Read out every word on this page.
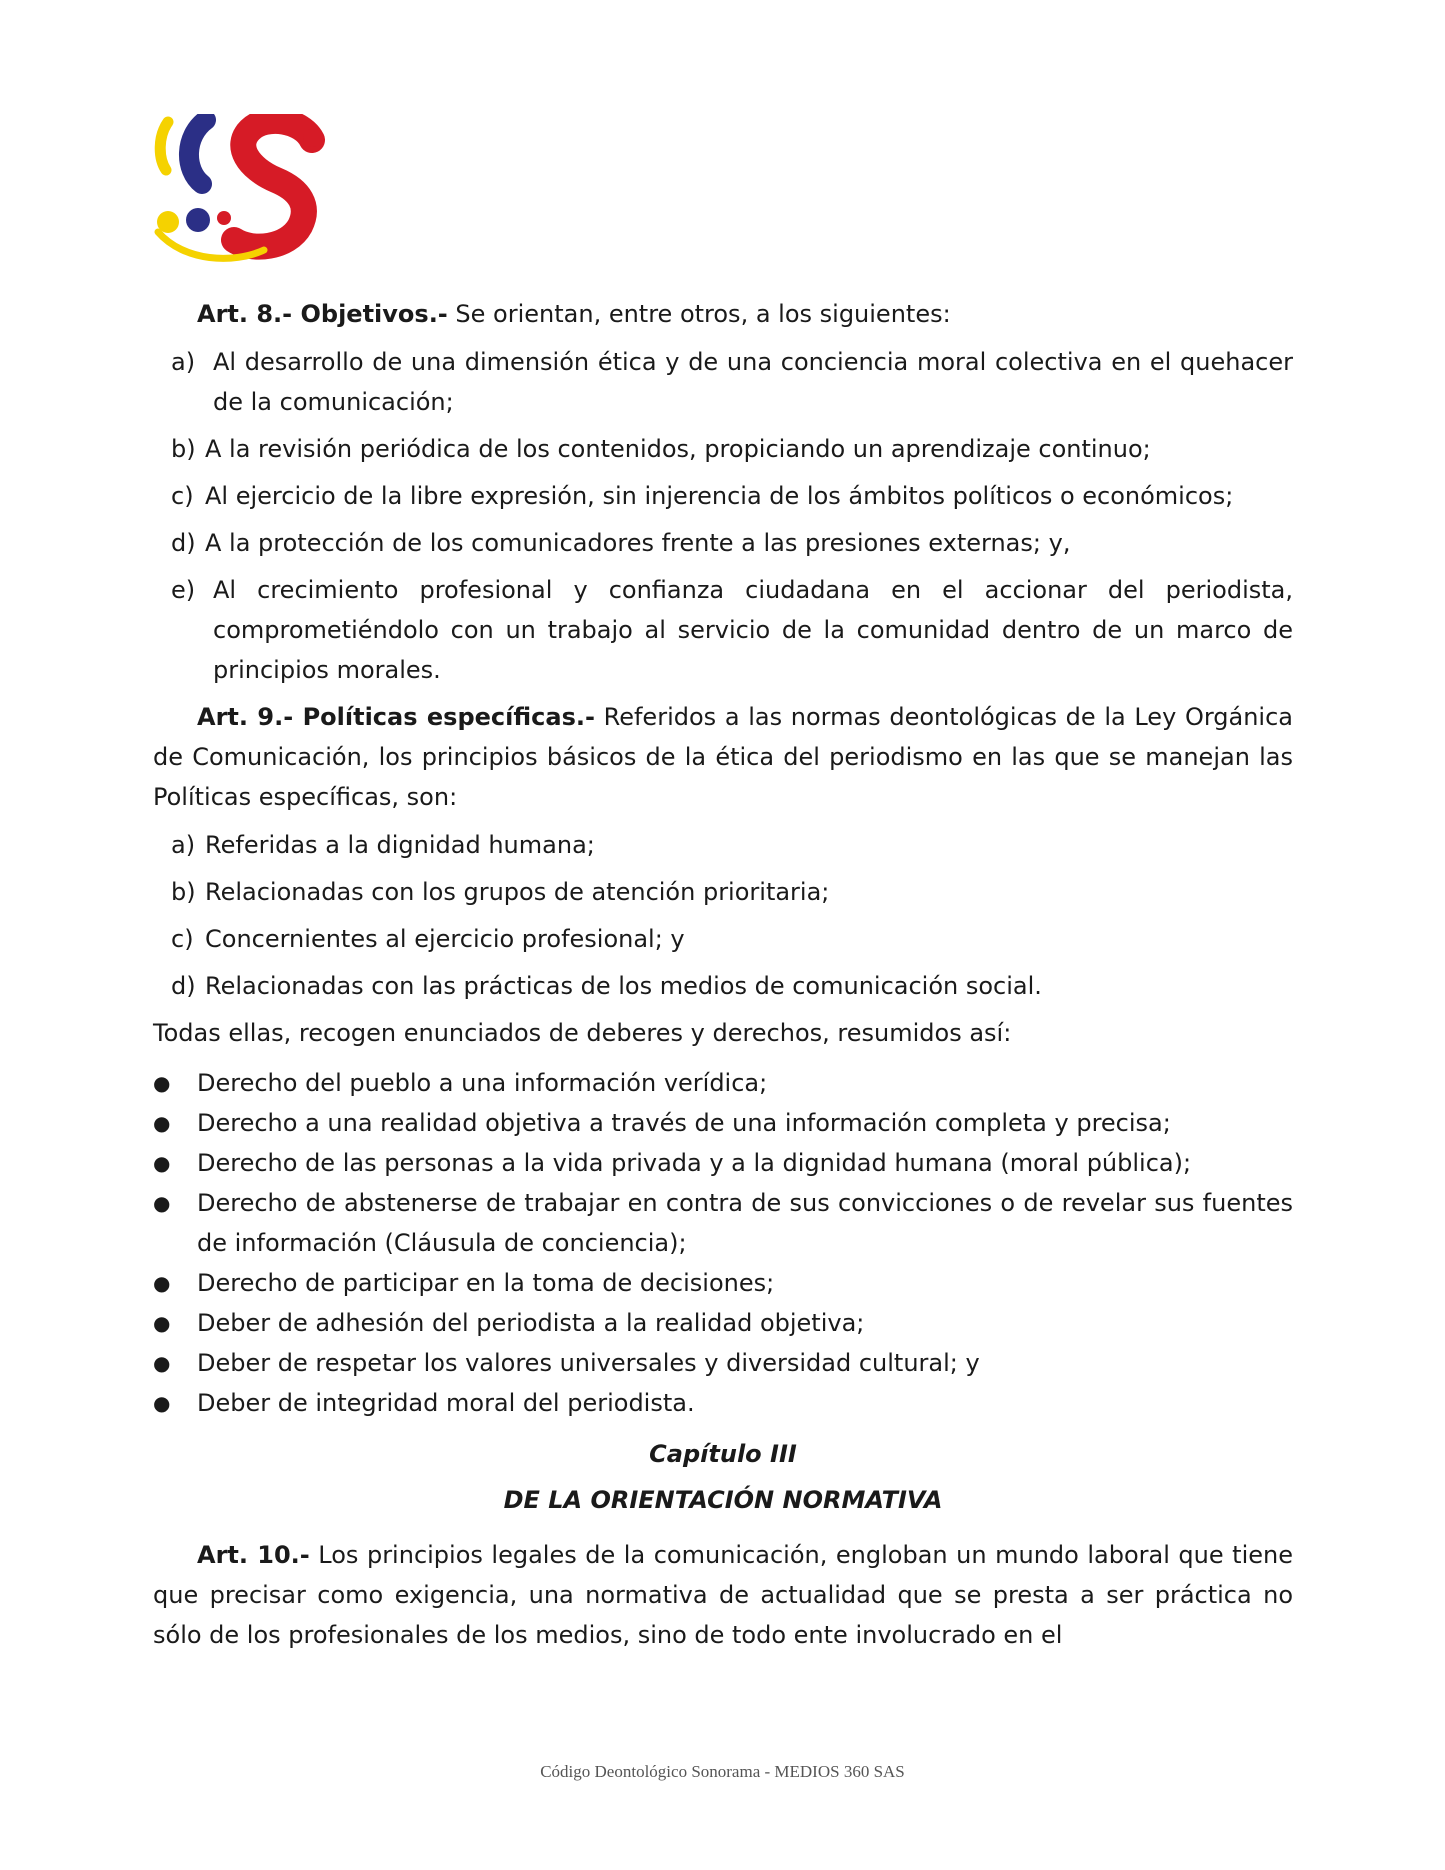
Art. 8.- Objetivos.- Se orientan, entre otros, a los siguientes:

a) Al desarrollo de una dimensión ética y de una conciencia moral colectiva en el quehacer de la comunicación;
b) A la revisión periódica de los contenidos, propiciando un aprendizaje continuo;
c) Al ejercicio de la libre expresión, sin injerencia de los ámbitos políticos o económicos;
d) A la protección de los comunicadores frente a las presiones externas; y,
e) Al crecimiento profesional y confianza ciudadana en el accionar del periodista, comprometiéndolo con un trabajo al servicio de la comunidad dentro de un marco de principios morales.

Art. 9.- Políticas específicas.- Referidos a las normas deontológicas de la Ley Orgánica de Comunicación, los principios básicos de la ética del periodismo en las que se manejan las Políticas específicas, son:

a) Referidas a la dignidad humana;
b) Relacionadas con los grupos de atención prioritaria;
c) Concernientes al ejercicio profesional; y
d) Relacionadas con las prácticas de los medios de comunicación social.

Todas ellas, recogen enunciados de deberes y derechos, resumidos así:

●	Derecho del pueblo a una información verídica;
●	Derecho a una realidad objetiva a través de una información completa y precisa;
●	Derecho de las personas a la vida privada y a la dignidad humana (moral pública);
●	Derecho de abstenerse de trabajar en contra de sus convicciones o de revelar sus fuentes de información (Cláusula de conciencia);
●	Derecho de participar en la toma de decisiones;
●	Deber de adhesión del periodista a la realidad objetiva;
●	Deber de respetar los valores universales y diversidad cultural; y
●	Deber de integridad moral del periodista.

Capítulo III

DE LA ORIENTACIÓN NORMATIVA

Art. 10.- Los principios legales de la comunicación, engloban un mundo laboral que tiene que precisar como exigencia, una normativa de actualidad que se presta a ser práctica no sólo de los profesionales de los medios, sino de todo ente involucrado en el

Código Deontológico Sonorama - MEDIOS 360 SAS
